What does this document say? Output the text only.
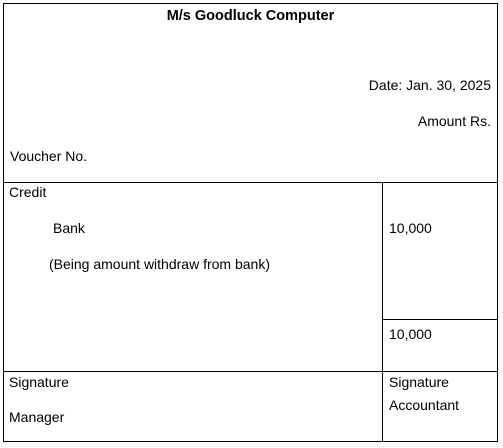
M/s Goodluck Computer
Date: Jan. 30, 2025
Amount Rs.
Voucher No.
Credit
Bank
(Being amount withdraw from bank)
10,000
10,000
Signature
Manager
Signature
Accountant
